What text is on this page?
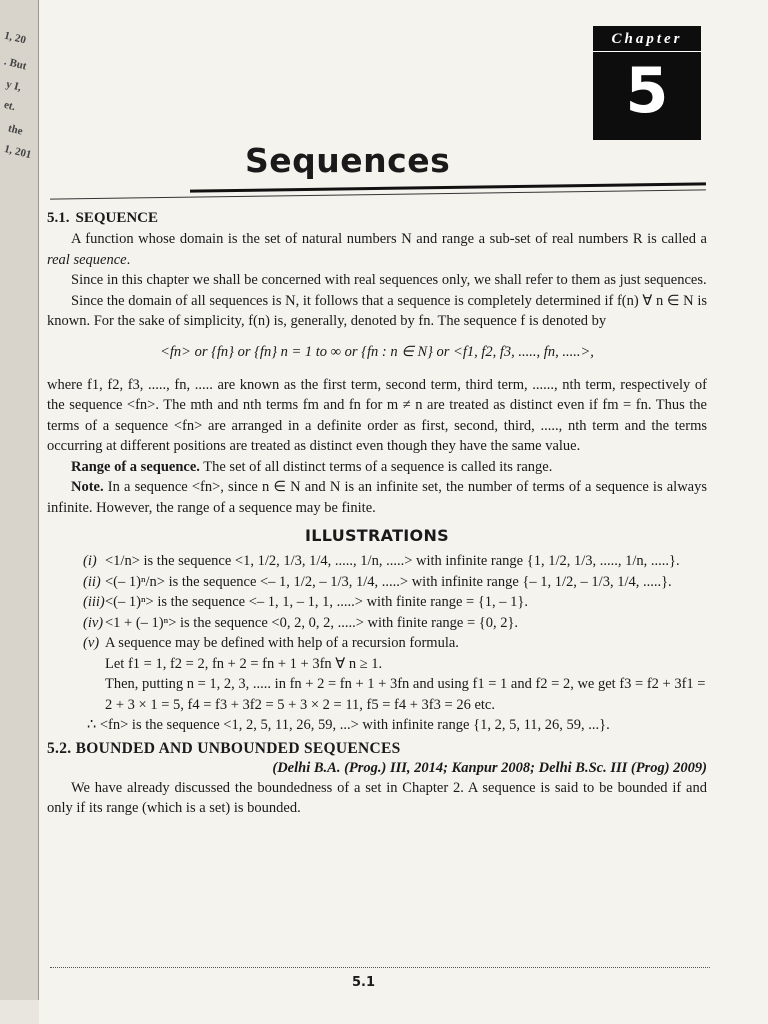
1, 20
. But
y I,
et.
the
1, 201
Chapter
5
Sequences
5.1. SEQUENCE

A function whose domain is the set of natural numbers N and range a sub-set of real numbers R is called a real sequence.

Since in this chapter we shall be concerned with real sequences only, we shall refer to them as just sequences.

Since the domain of all sequences is N, it follows that a sequence is completely determined if f(n) ∀ n ∈ N is known. For the sake of simplicity, f(n) is, generally, denoted by fn. The sequence f is denoted by

<fn> or {fn} or {fn} n = 1 to ∞ or {fn : n ∈ N} or <f1, f2, f3, ....., fn, .....>,

where f1, f2, f3, ....., fn, ..... are known as the first term, second term, third term, ......, nth term, respectively of the sequence <fn>. The mth and nth terms fm and fn for m ≠ n are treated as distinct even if fm = fn. Thus the terms of a sequence <fn> are arranged in a definite order as first, second, third, ....., nth term and the terms occurring at different positions are treated as distinct even though they have the same value.

Range of a sequence. The set of all distinct terms of a sequence is called its range.

Note. In a sequence <fn>, since n ∈ N and N is an infinite set, the number of terms of a sequence is always infinite. However, the range of a sequence may be finite.

ILLUSTRATIONS
(i) <1/n> is the sequence <1, 1/2, 1/3, 1/4, ....., 1/n, .....> with infinite range {1, 1/2, 1/3, ....., 1/n, .....}.
(ii) <(– 1)ⁿ/n> is the sequence <– 1, 1/2, – 1/3, 1/4, .....> with infinite range {– 1, 1/2, – 1/3, 1/4, .....}.
(iii)<(– 1)ⁿ> is the sequence <– 1, 1, – 1, 1, .....> with finite range = {1, – 1}.
(iv) <1 + (– 1)ⁿ> is the sequence <0, 2, 0, 2, .....> with finite range = {0, 2}.
(v) A sequence may be defined with help of a recursion formula.
Let f1 = 1, f2 = 2, fn + 2 = fn + 1 + 3fn ∀ n ≥ 1.
Then, putting n = 1, 2, 3, ..... in fn + 2 = fn + 1 + 3fn and using f1 = 1 and f2 = 2, we get f3 = f2 + 3f1 = 2 + 3 × 1 = 5, f4 = f3 + 3f2 = 5 + 3 × 2 = 11, f5 = f4 + 3f3 = 26 etc.
∴ <fn> is the sequence <1, 2, 5, 11, 26, 59, ...> with infinite range {1, 2, 5, 11, 26, 59, ...}.
5.2. BOUNDED AND UNBOUNDED SEQUENCES
(Delhi B.A. (Prog.) III, 2014; Kanpur 2008; Delhi B.Sc. III (Prog) 2009)

We have already discussed the boundedness of a set in Chapter 2. A sequence is said to be bounded if and only if its range (which is a set) is bounded.

5.1
